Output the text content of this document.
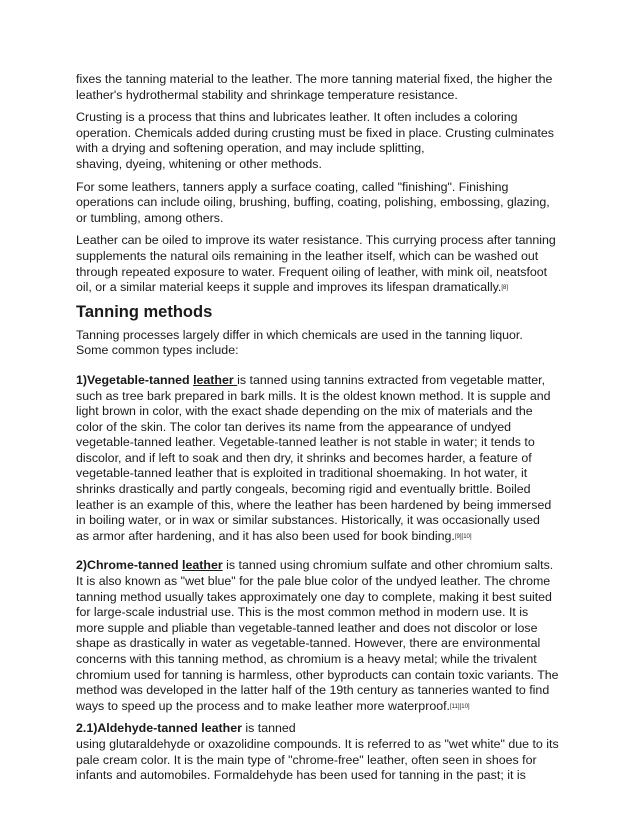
fixes the tanning material to the leather. The more tanning material fixed, the higher the
leather's hydrothermal stability and shrinkage temperature resistance.

Crusting is a process that thins and lubricates leather. It often includes a coloring
operation. Chemicals added during crusting must be fixed in place. Crusting culminates
with a drying and softening operation, and may include splitting,
shaving, dyeing, whitening or other methods.

For some leathers, tanners apply a surface coating, called "finishing". Finishing
operations can include oiling, brushing, buffing, coating, polishing, embossing, glazing,
or tumbling, among others.

Leather can be oiled to improve its water resistance. This currying process after tanning
supplements the natural oils remaining in the leather itself, which can be washed out
through repeated exposure to water. Frequent oiling of leather, with mink oil, neatsfoot
oil, or a similar material keeps it supple and improves its lifespan dramatically.[8]

Tanning methods

Tanning processes largely differ in which chemicals are used in the tanning liquor.
Some common types include:

1)Vegetable-tanned leather is tanned using tannins extracted from vegetable matter,
such as tree bark prepared in bark mills. It is the oldest known method. It is supple and
light brown in color, with the exact shade depending on the mix of materials and the
color of the skin. The color tan derives its name from the appearance of undyed
vegetable-tanned leather. Vegetable-tanned leather is not stable in water; it tends to
discolor, and if left to soak and then dry, it shrinks and becomes harder, a feature of
vegetable-tanned leather that is exploited in traditional shoemaking. In hot water, it
shrinks drastically and partly congeals, becoming rigid and eventually brittle. Boiled
leather is an example of this, where the leather has been hardened by being immersed
in boiling water, or in wax or similar substances. Historically, it was occasionally used
as armor after hardening, and it has also been used for book binding.[9][10]

2)Chrome-tanned leather is tanned using chromium sulfate and other chromium salts.
It is also known as "wet blue" for the pale blue color of the undyed leather. The chrome
tanning method usually takes approximately one day to complete, making it best suited
for large-scale industrial use. This is the most common method in modern use. It is
more supple and pliable than vegetable-tanned leather and does not discolor or lose
shape as drastically in water as vegetable-tanned. However, there are environmental
concerns with this tanning method, as chromium is a heavy metal; while the trivalent
chromium used for tanning is harmless, other byproducts can contain toxic variants. The
method was developed in the latter half of the 19th century as tanneries wanted to find
ways to speed up the process and to make leather more waterproof.[11][10]

2.1)Aldehyde-tanned leather is tanned
using glutaraldehyde or oxazolidine compounds. It is referred to as "wet white" due to its
pale cream color. It is the main type of "chrome-free" leather, often seen in shoes for
infants and automobiles. Formaldehyde has been used for tanning in the past; it is
